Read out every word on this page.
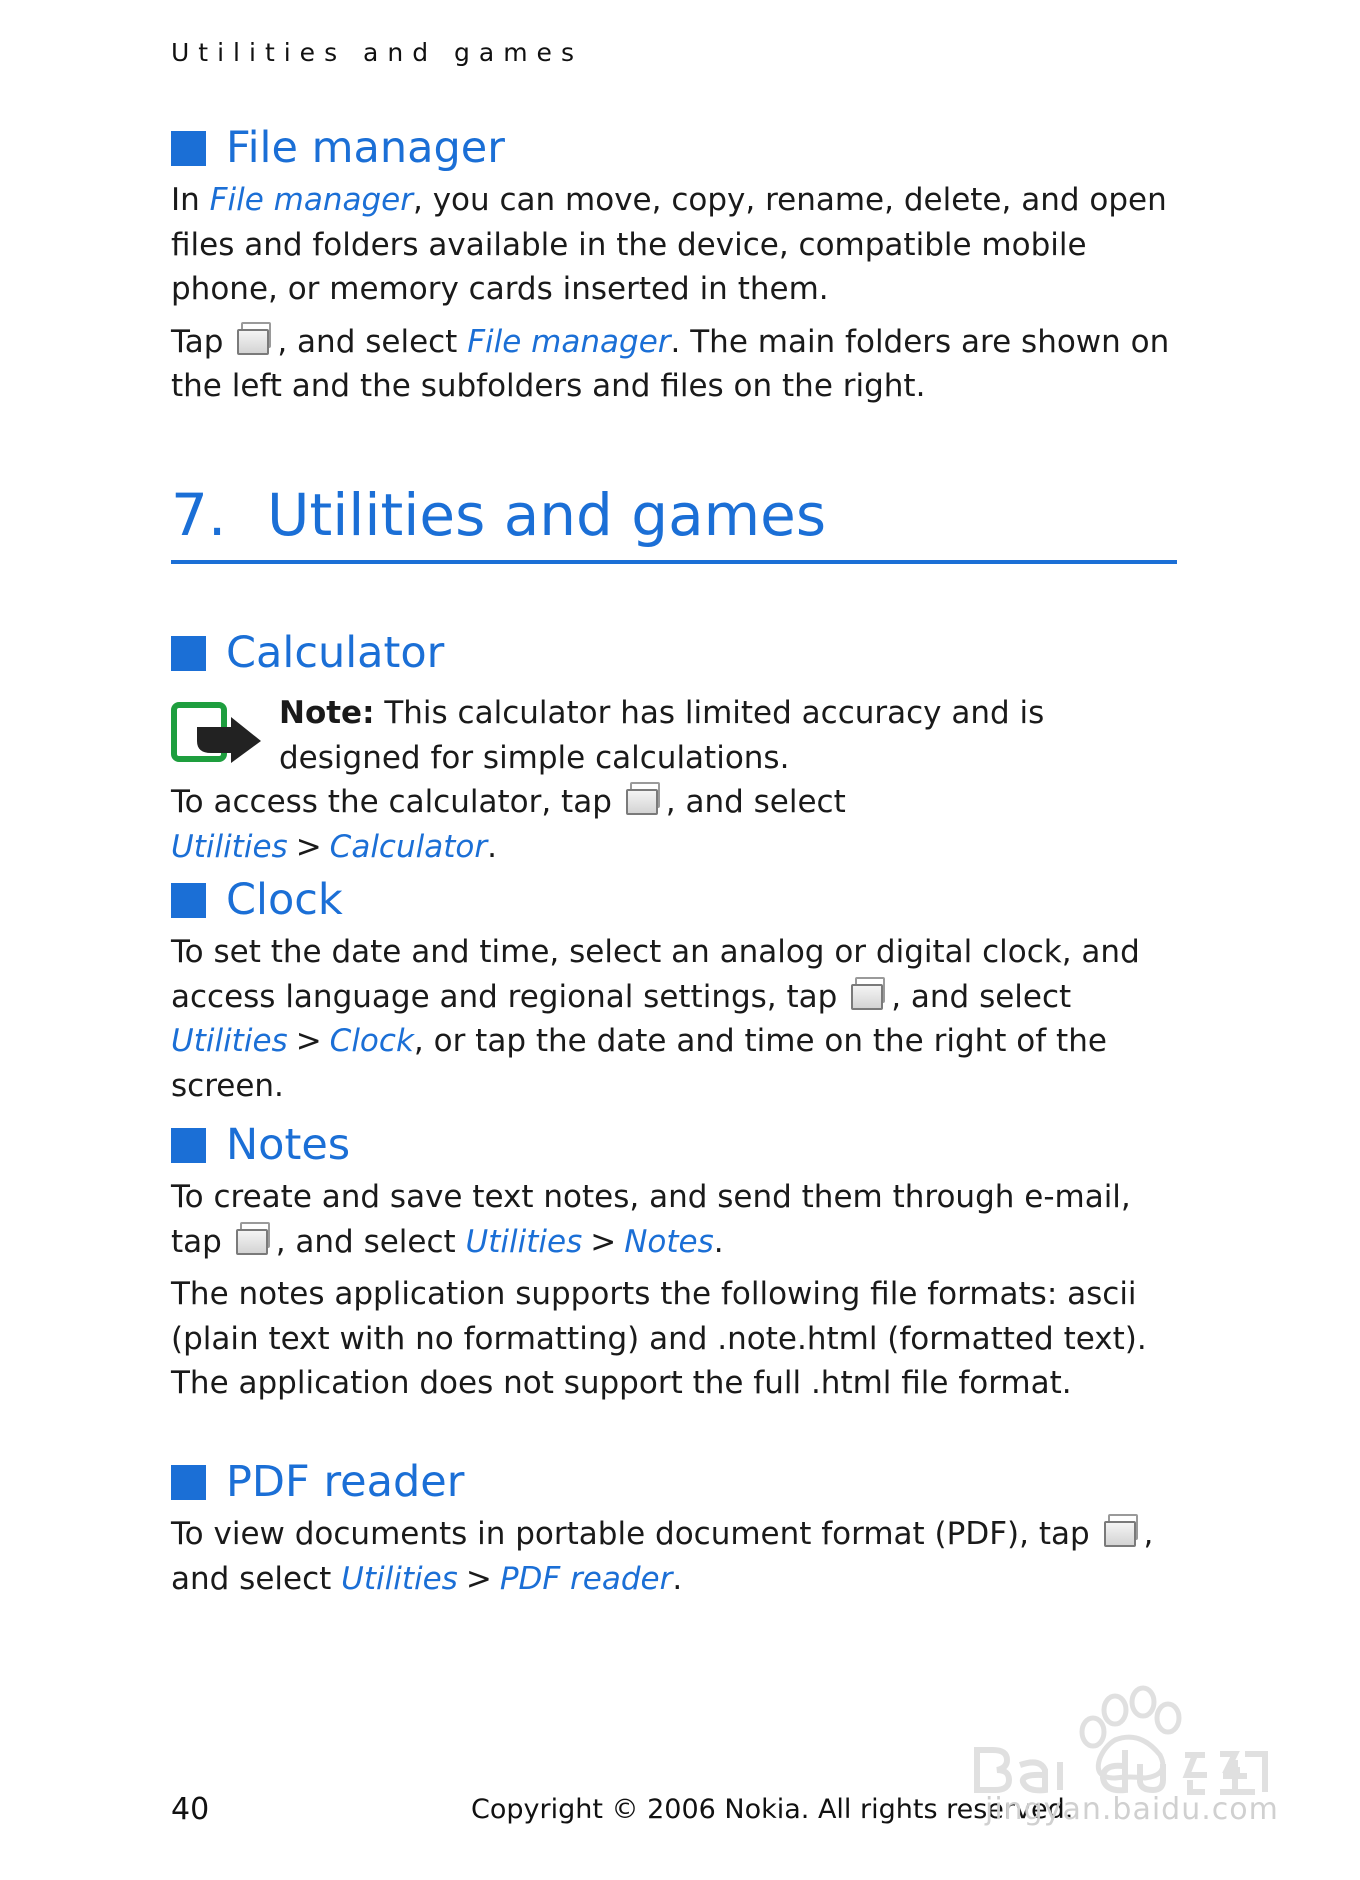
Utilities and games
File manager

In File manager, you can move, copy, rename, delete, and open files and folders available in the device, compatible mobile phone, or memory cards inserted in them.

Tap , and select File manager. The main folders are shown on the left and the subfolders and files on the right.

7. Utilities and games
Calculator

Note: This calculator has limited accuracy and is designed for simple calculations.

To access the calculator, tap , and select Utilities > Calculator.

Clock

To set the date and time, select an analog or digital clock, and access language and regional settings, tap , and select Utilities > Clock, or tap the date and time on the right of the screen.

Notes

To create and save text notes, and send them through e-mail, tap , and select Utilities > Notes.

The notes application supports the following file formats: ascii (plain text with no formatting) and .note.html (formatted text). The application does not support the full .html file format.

PDF reader

To view documents in portable document format (PDF), tap , and select Utilities > PDF reader.

40	Copyright © 2006 Nokia. All rights reserved.
jingyan.baidu.com
